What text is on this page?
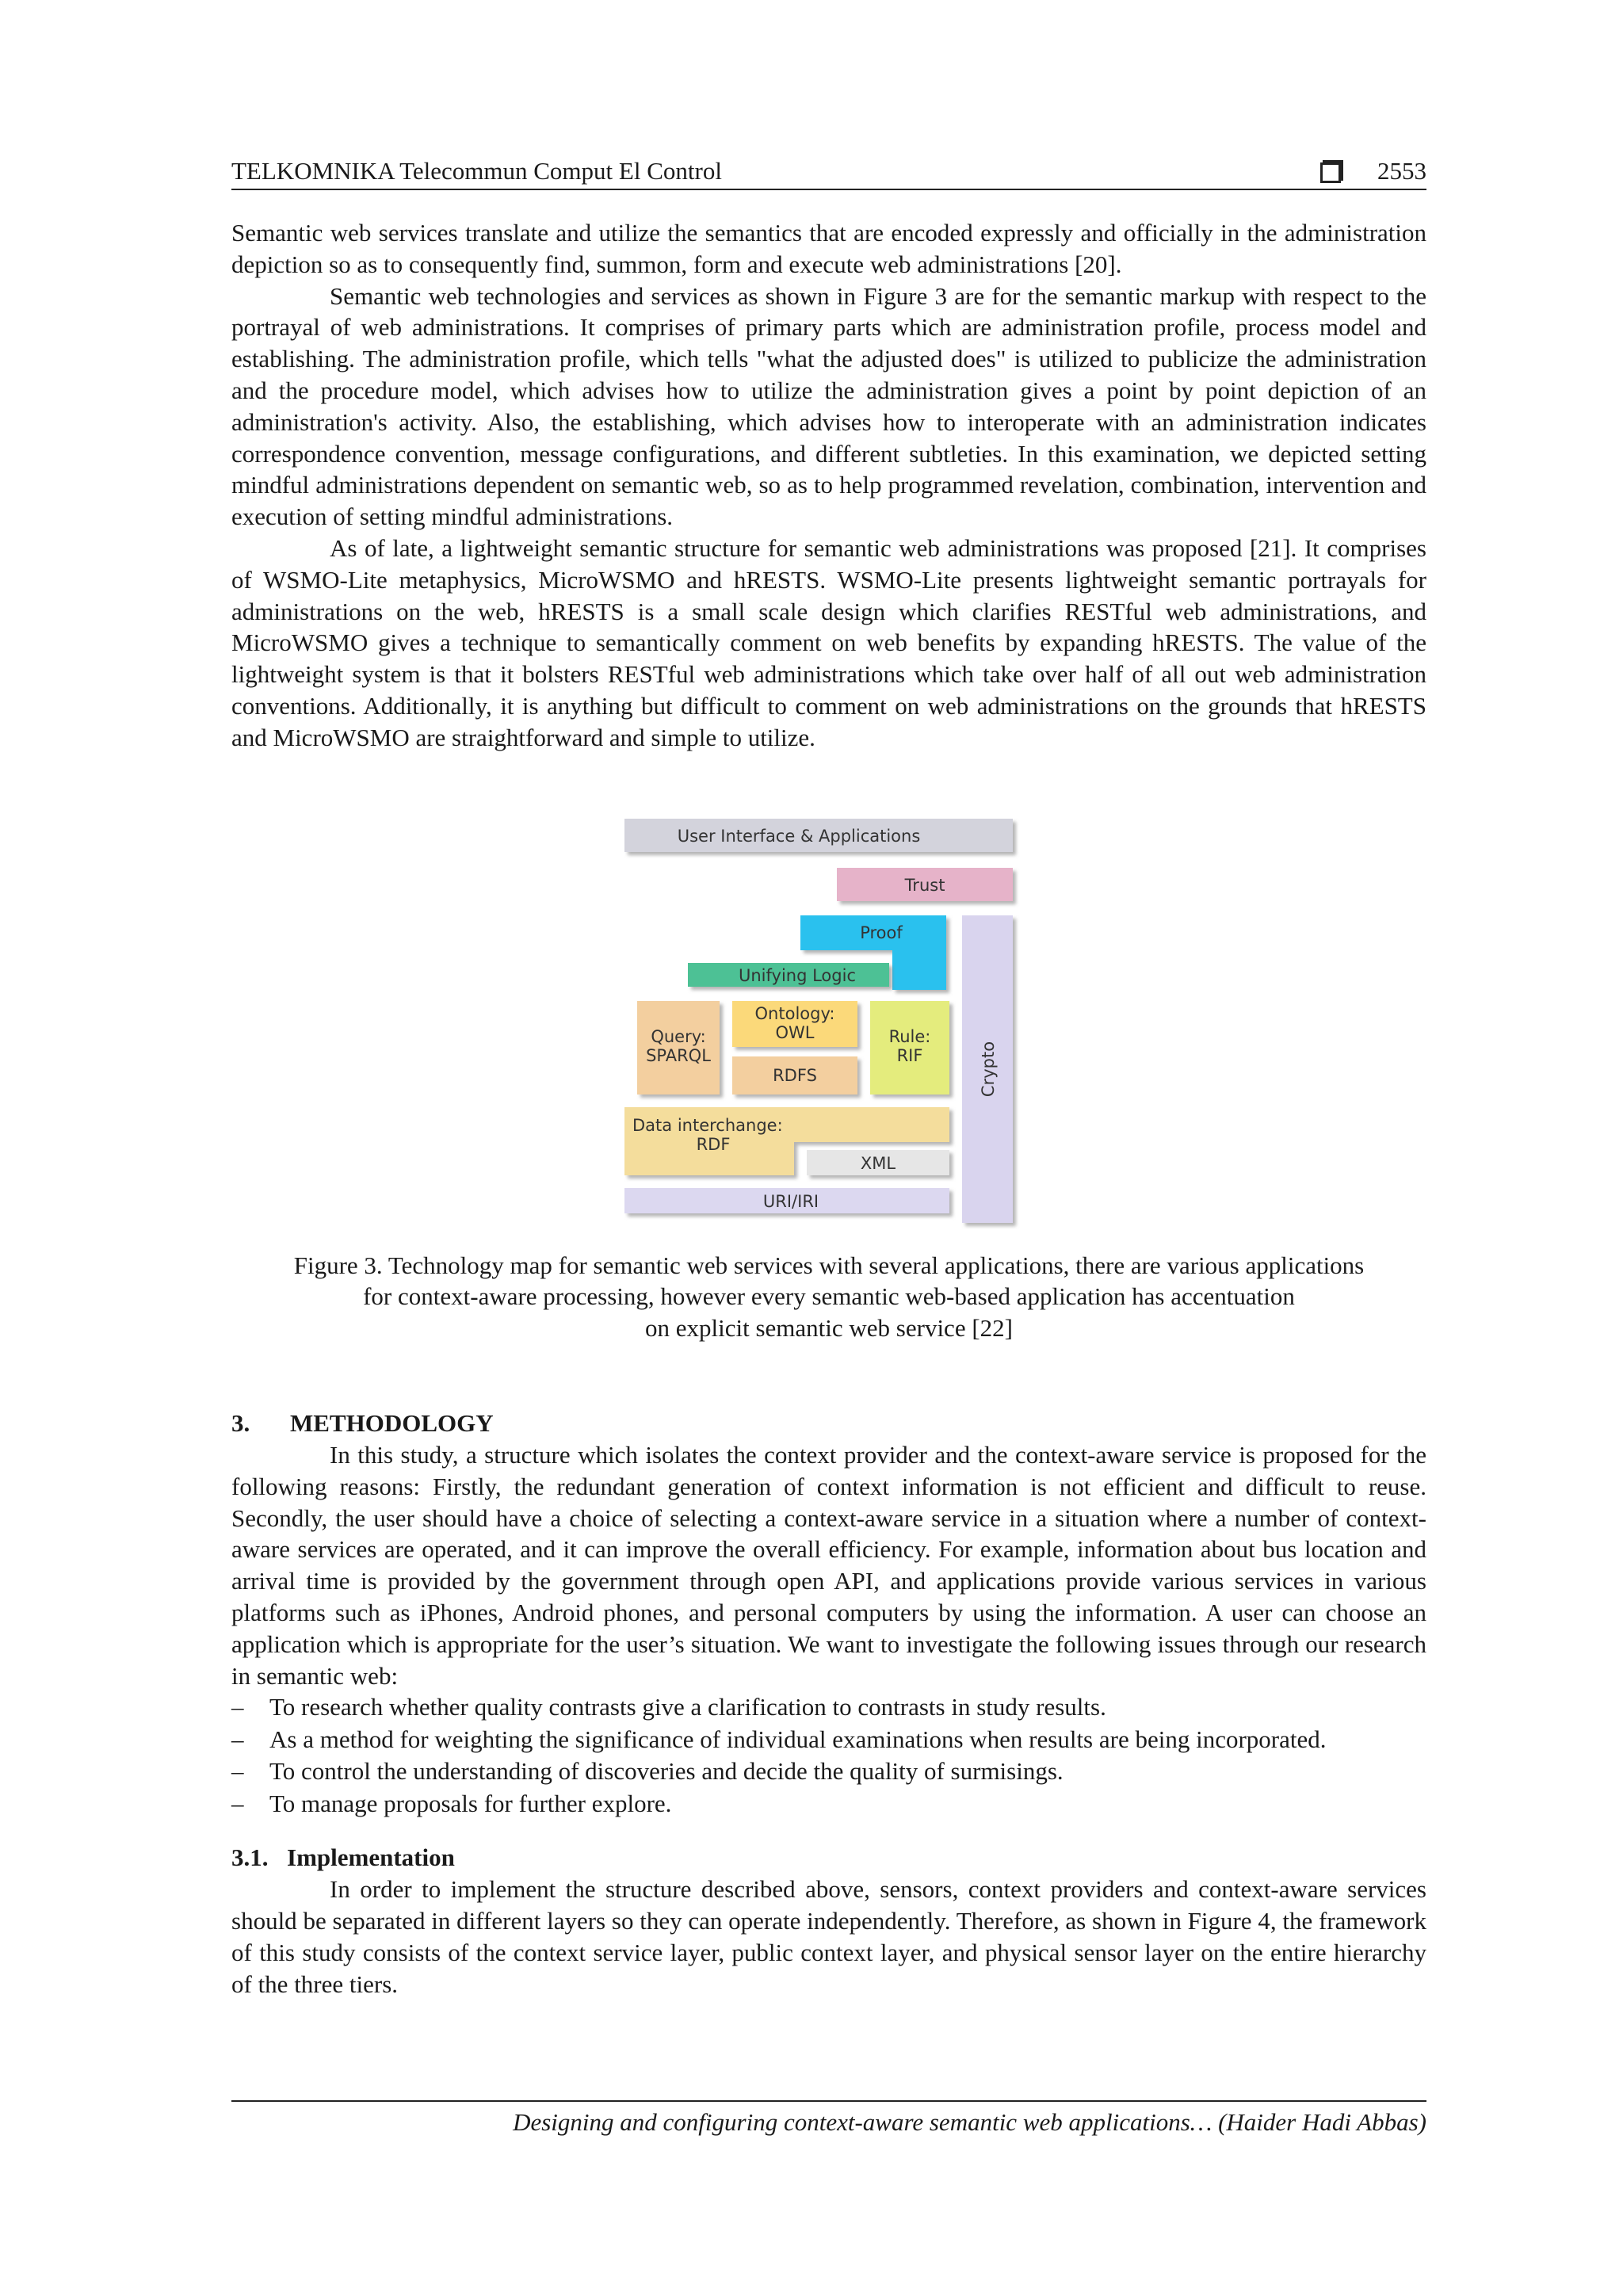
TELKOMNIKA Telecommun Comput El Control	2553

Semantic web services translate and utilize the semantics that are encoded expressly and officially in the administration depiction so as to consequently find, summon, form and execute web administrations [20].

Semantic web technologies and services as shown in Figure 3 are for the semantic markup with respect to the portrayal of web administrations. It comprises of primary parts which are administration profile, process model and establishing. The administration profile, which tells "what the adjusted does" is utilized to publicize the administration and the procedure model, which advises how to utilize the administration gives a point by point depiction of an administration's activity. Also, the establishing, which advises how to interoperate with an administration indicates correspondence convention, message configurations, and different subtleties. In this examination, we depicted setting mindful administrations dependent on semantic web, so as to help programmed revelation, combination, intervention and execution of setting mindful administrations.

As of late, a lightweight semantic structure for semantic web administrations was proposed [21]. It comprises of WSMO-Lite metaphysics, MicroWSMO and hRESTS. WSMO-Lite presents lightweight semantic portrayals for administrations on the web, hRESTS is a small scale design which clarifies RESTful web administrations, and MicroWSMO gives a technique to semantically comment on web benefits by expanding hRESTS. The value of the lightweight system is that it bolsters RESTful web administrations which take over half of all out web administration conventions. Additionally, it is anything but difficult to comment on web administrations on the grounds that hRESTS and MicroWSMO are straightforward and simple to utilize.

User Interface & Applications
Trust
Proof
Unifying Logic
Query:
SPARQL
Ontology:
OWL
RDFS
Rule:
RIF	Crypto
Data interchange:
RDF
XML
URI/IRI
Figure 3. Technology map for semantic web services with several applications, there are various applications
for context-aware processing, however every semantic web-based application has accentuation
on explicit semantic web service [22]
3. METHODOLOGY

In this study, a structure which isolates the context provider and the context-aware service is proposed for the following reasons: Firstly, the redundant generation of context information is not efficient and difficult to reuse. Secondly, the user should have a choice of selecting a context-aware service in a situation where a number of context-aware services are operated, and it can improve the overall efficiency. For example, information about bus location and arrival time is provided by the government through open API, and applications provide various services in various platforms such as iPhones, Android phones, and personal computers by using the information. A user can choose an application which is appropriate for the user’s situation. We want to investigate the following issues through our research in semantic web:

– To research whether quality contrasts give a clarification to contrasts in study results.
– As a method for weighting the significance of individual examinations when results are being incorporated.
– To control the understanding of discoveries and decide the quality of surmisings.
– To manage proposals for further explore.
3.1. Implementation

In order to implement the structure described above, sensors, context providers and context-aware services should be separated in different layers so they can operate independently. Therefore, as shown in Figure 4, the framework of this study consists of the context service layer, public context layer, and physical sensor layer on the entire hierarchy of the three tiers.

Designing and configuring context-aware semantic web applications… (Haider Hadi Abbas)
